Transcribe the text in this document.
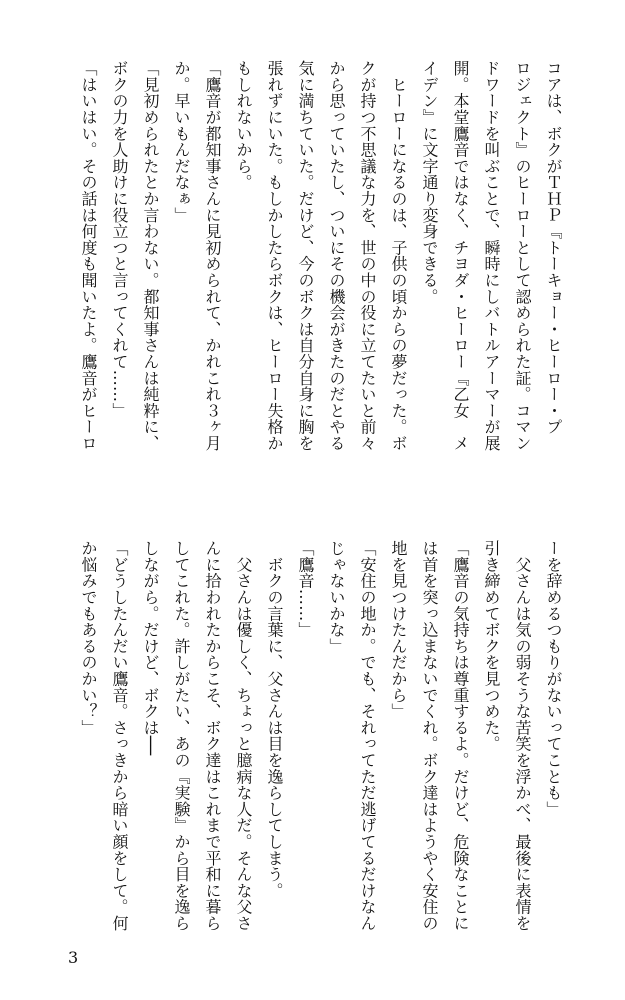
コアは、ボクがＴＨＰ『トーキョー・ヒーロー・プ
ロジェクト』のヒーローとして認められた証。コマン
ドワードを叫ぶことで、瞬時にしバトルアーマーが展
開。本堂鷹音ではなく、チヨダ・ヒーロー『乙女　メ
イデン』に文字通り変身できる。
　ヒーローになるのは、子供の頃からの夢だった。ボ
クが持つ不思議な力を、世の中の役に立てたいと前々
から思っていたし、ついにその機会がきたのだとやる
気に満ちていた。だけど、今のボクは自分自身に胸を
張れずにいた。もしかしたらボクは、ヒーロー失格か
もしれないから。
「鷹音が都知事さんに見初められて、かれこれ３ヶ月
か。早いもんだなぁ」
「見初められたとか言わない。都知事さんは純粋に、
ボクの力を人助けに役立つと言ってくれて……」
「はいはい。その話は何度も聞いたよ。鷹音がヒーロ
ーを辞めるつもりがないってことも」
　父さんは気の弱そうな苦笑を浮かべ、最後に表情を
引き締めてボクを見つめた。
「鷹音の気持ちは尊重するよ。だけど、危険なことに
は首を突っ込まないでくれ。ボク達はようやく安住の
地を見つけたんだから」
「安住の地か。でも、それってただ逃げてるだけなん
じゃないかな」
「鷹音……」
　ボクの言葉に、父さんは目を逸らしてしまう。
　父さんは優しく、ちょっと臆病な人だ。そんな父さ
んに拾われたからこそ、ボク達はこれまで平和に暮ら
してこれた。許しがたい、あの『実験』から目を逸ら
しながら。だけど、ボクは──
「どうしたんだい鷹音。さっきから暗い顔をして。何
か悩みでもあるのかい？」
3
